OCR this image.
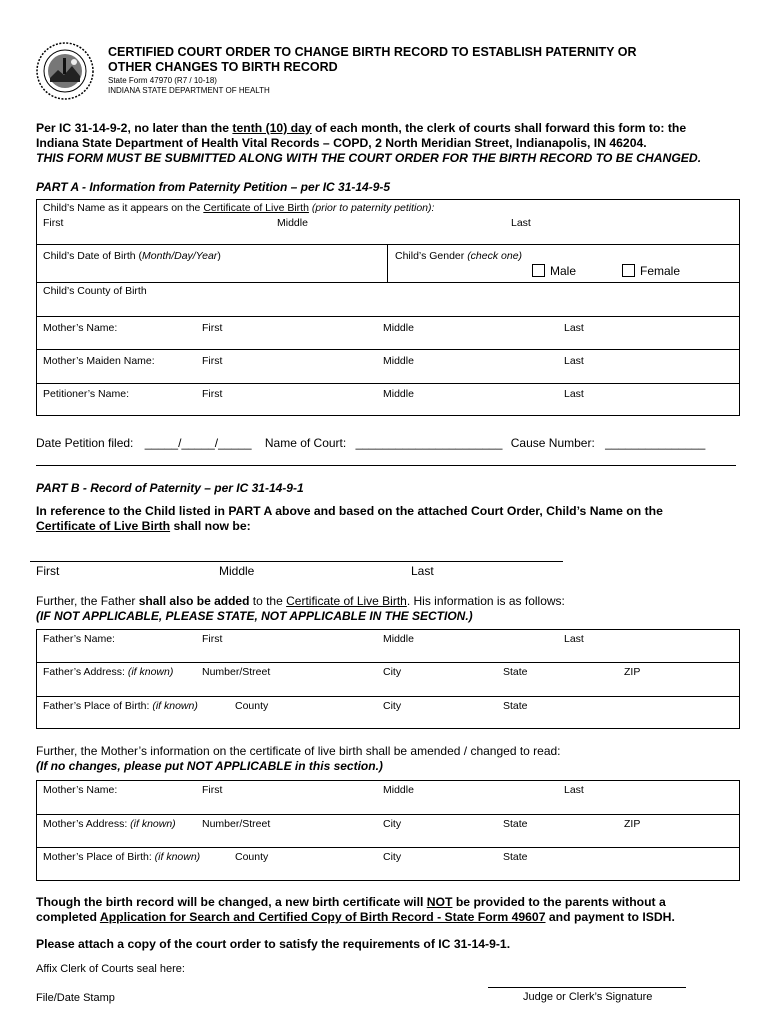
CERTIFIED COURT ORDER TO CHANGE BIRTH RECORD TO ESTABLISH PATERNITY OR
OTHER CHANGES TO BIRTH RECORD
State Form 47970 (R7 / 10-18)
INDIANA STATE DEPARTMENT OF HEALTH
Per IC 31-14-9-2, no later than the tenth (10) day of each month, the clerk of courts shall forward this form to: the
Indiana State Department of Health Vital Records – COPD, 2 North Meridian Street, Indianapolis, IN 46204.
THIS FORM MUST BE SUBMITTED ALONG WITH THE COURT ORDER FOR THE BIRTH RECORD TO BE CHANGED.
PART A - Information from Paterni​ty Petition – per IC 31-14-9-5
Child’s Name as it appears on the Certificate of Live Birth (prior to paternity petition):
First	Middle	Last
Child’s Date of Birth (Month/Day/Year)	Child’s Gender (check one)
Male	Female
Child’s County of Birth
Mother’s Name:	First	Middle	Last
Mother’s Maiden Name:	First	Middle	Last
Petitioner’s Name:	First	Middle	Last
Date Petition filed: _____/_____/_____ Name of Court: ______________________ Cause Number: _______________
PART B - Record of Paternity – per IC 31-14-9-1
In reference to the Child listed in PART A above and based on the attached Court Order, Child’s Name on the
Certificate of Live Birth shall now be:
First	Middle	Last
Further, the Father shall also be added to the Certificate of Live Birth. His information is as follows:
(IF NOT APPLICABLE, PLEASE STATE, NOT APPLICABLE IN THE SECTION.)
Father’s Name:	First	Middle	Last
Father’s Address: (if known)	Number/Street	City	State	ZIP
Father’s Place of Birth: (if known)	County	City	State
Further, the Mother’s information on the certificate of live birth shall be amended / changed to read:
(If no changes, please put NOT APPLICABLE in this section.)
Mother’s Name:	First	Middle	Last
Mother’s Address: (if known)	Number/Street	City	State	ZIP
Mother’s Place of Birth: (if known)	County	City	State
Though the birth record will be changed, a new birth certificate will NOT be provided to the parents without a
completed Application for Search and Certified Copy of Birth Record - State Form 49607 and payment to ISDH.
Please attach a copy of the court order to satisfy the requirements of IC 31-14-9-1.
Affix Clerk of Courts seal here:
File/Date Stamp	Judge or Clerk’s Signature
